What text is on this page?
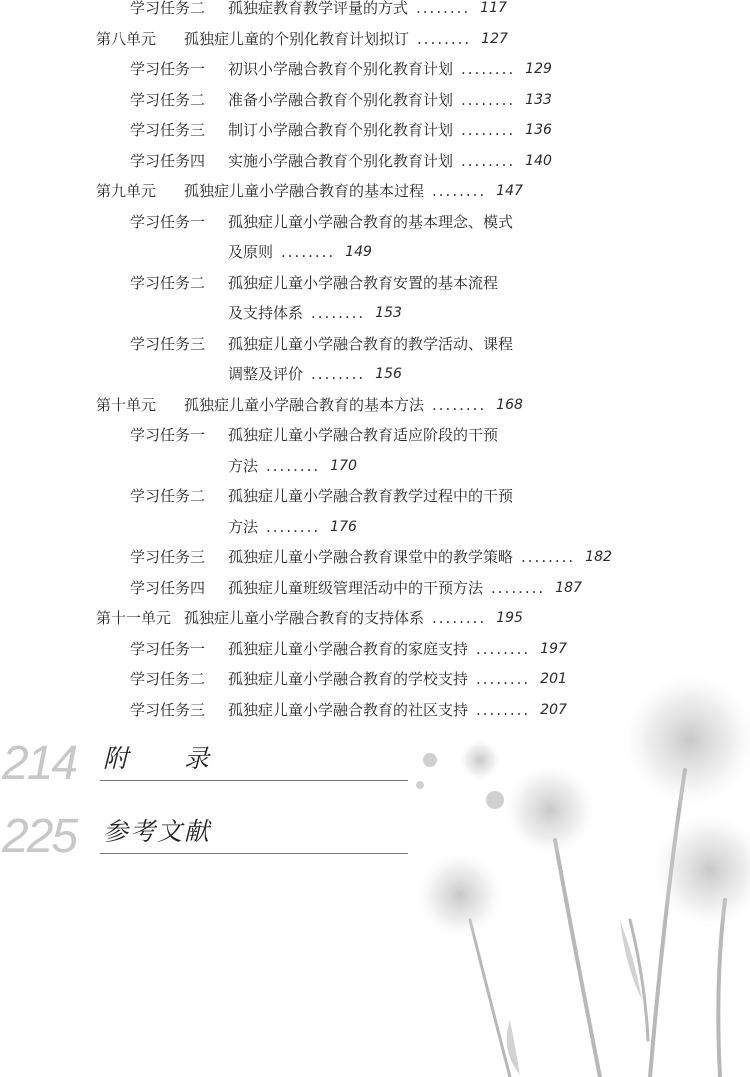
学习任务二 孤独症教育教学评量的方式 ........ 117
第八单元 孤独症儿童的个别化教育计划拟订 ........ 127
学习任务一 初识小学融合教育个别化教育计划 ........ 129
学习任务二 准备小学融合教育个别化教育计划 ........ 133
学习任务三 制订小学融合教育个别化教育计划 ........ 136
学习任务四 实施小学融合教育个别化教育计划 ........ 140
第九单元 孤独症儿童小学融合教育的基本过程 ........ 147
学习任务一 孤独症儿童小学融合教育的基本理念、模式
及原则 ........ 149
学习任务二 孤独症儿童小学融合教育安置的基本流程
及支持体系 ........ 153
学习任务三 孤独症儿童小学融合教育的教学活动、课程
调整及评价 ........ 156
第十单元 孤独症儿童小学融合教育的基本方法 ........ 168
学习任务一 孤独症儿童小学融合教育适应阶段的干预
方法 ........ 170
学习任务二 孤独症儿童小学融合教育教学过程中的干预
方法 ........ 176
学习任务三 孤独症儿童小学融合教育课堂中的教学策略 ........ 182
学习任务四 孤独症儿童班级管理活动中的干预方法 ........ 187
第十一单元 孤独症儿童小学融合教育的支持体系 ........ 195
学习任务一 孤独症儿童小学融合教育的家庭支持 ........ 197
学习任务二 孤独症儿童小学融合教育的学校支持 ........ 201
学习任务三 孤独症儿童小学融合教育的社区支持 ........ 207
214	附　　录
225	参考文献
